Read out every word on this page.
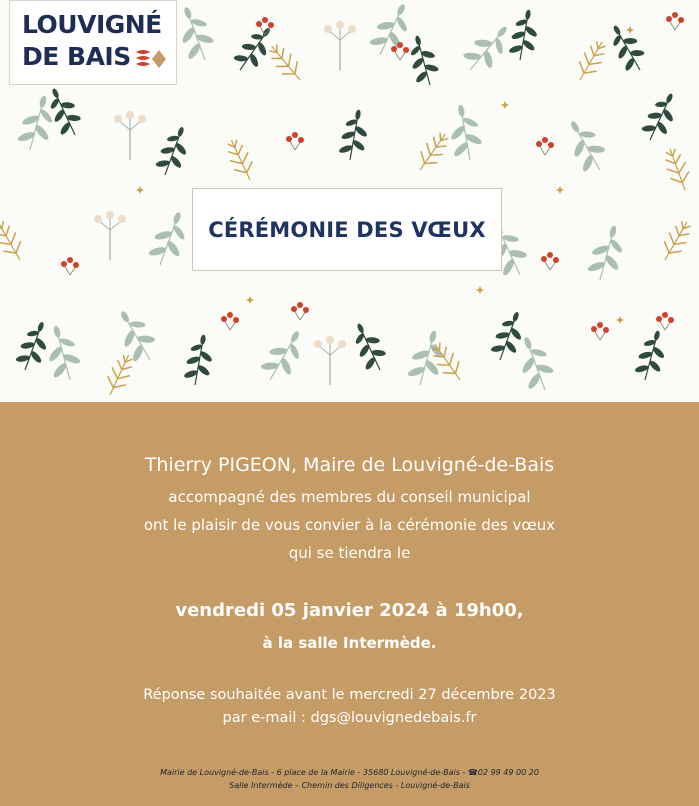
LOUVIGNÉ
DE BAIS
CÉRÉMONIE DES VŒUX
Thierry PIGEON, Maire de Louvigné-de-Bais
accompagné des membres du conseil municipal
ont le plaisir de vous convier à la cérémonie des vœux
qui se tiendra le
vendredi 05 janvier 2024 à 19h00,
à la salle Intermède.
Réponse souhaitée avant le mercredi 27 décembre 2023
par e-mail : dgs@louvignedebais.fr
Mairie de Louvigné-de-Bais - 6 place de la Mairie - 35680 Louvigné-de-Bais - ☎02 99 49 00 20
Salle Intermède – Chemin des Diligences - Louvigné-de-Bais
